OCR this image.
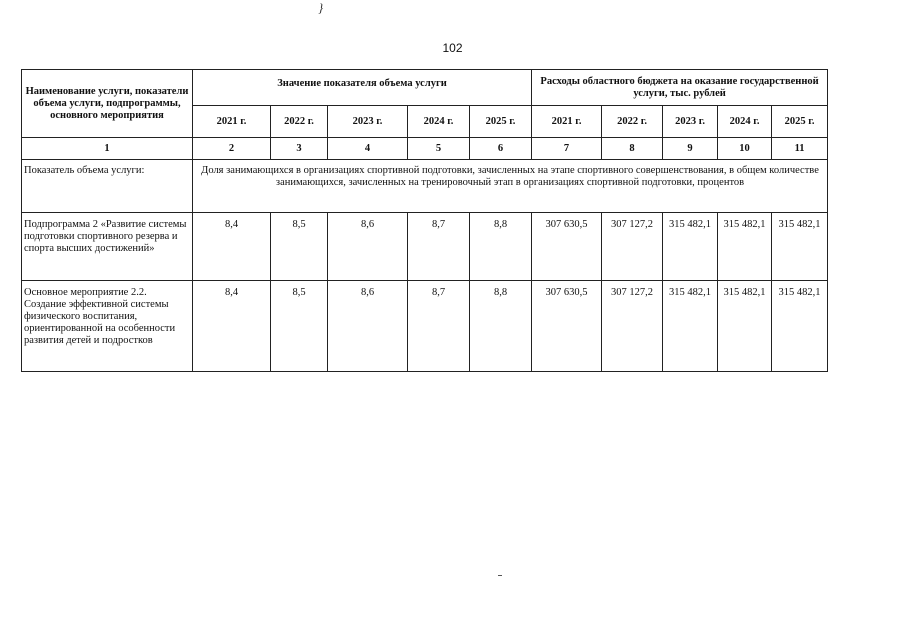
}
102
Наименование услуги, показатели объема услуги, подпрограммы, основного мероприятия	Значение показателя объема услуги					Расходы областного бюджета на оказание государственной услуги, тыс. рублей				
	2021 г.	2022 г.	2023 г.	2024 г.	2025 г.	2021 г.	2022 г.	2023 г.	2024 г.	2025 г.
1	2	3	4	5	6	7	8	9	10	11
Показатель объема услуги:	Доля занимающихся в организациях спортивной подготовки, зачисленных на этапе спортивного совершенствования, в общем количестве занимающихся, зачисленных на тренировочный этап в организациях спортивной подготовки, процентов									
Подпрограмма 2 «Развитие системы подготовки спортивного резерва и спорта высших достижений»	8,4	8,5	8,6	8,7	8,8	307 630,5	307 127,2	315 482,1	315 482,1	315 482,1
Основное мероприятие 2.2. Создание эффективной системы физического воспитания, ориентированной на особенности развития детей и подростков	8,4	8,5	8,6	8,7	8,8	307 630,5	307 127,2	315 482,1	315 482,1	315 482,1
